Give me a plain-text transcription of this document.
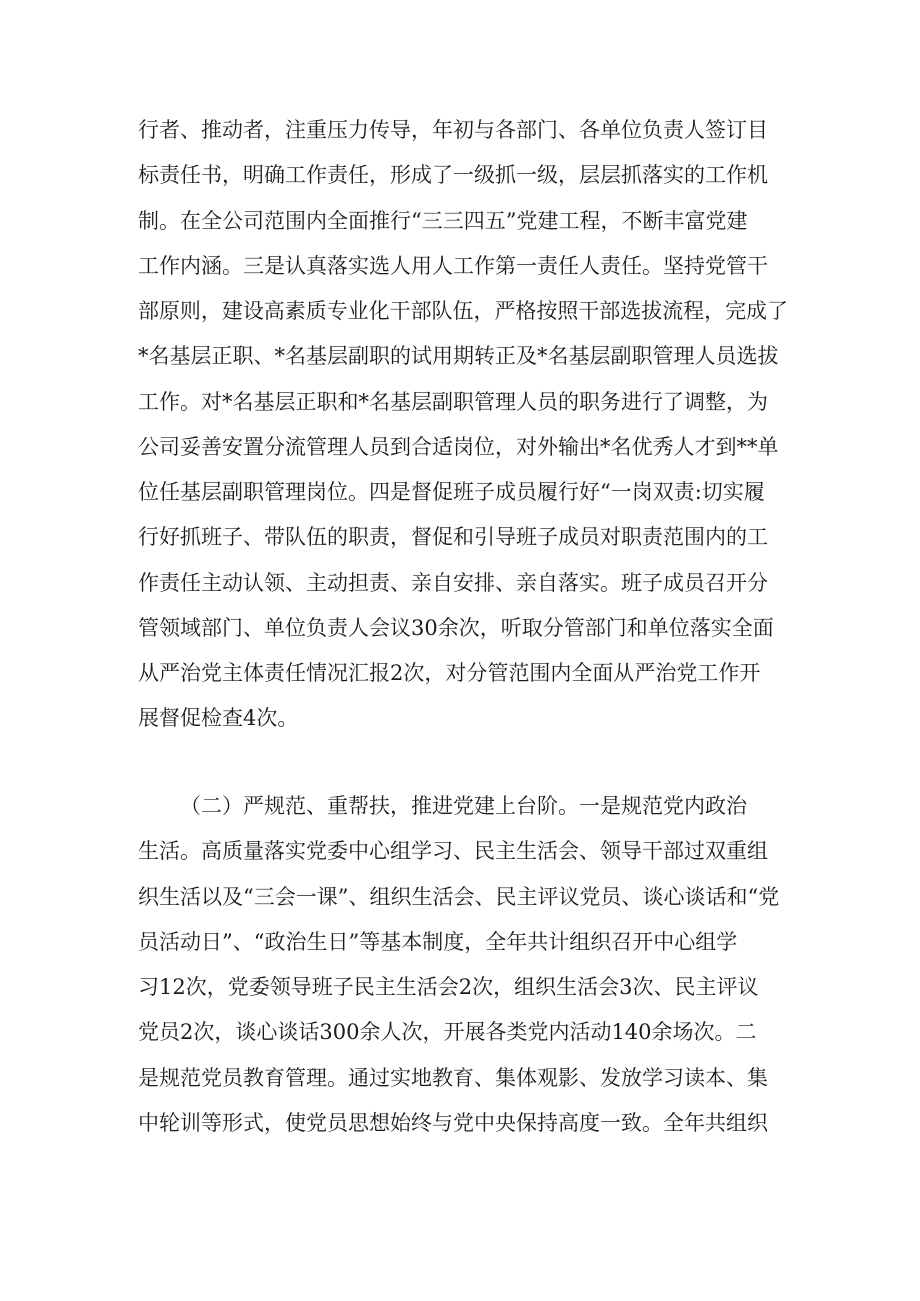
行者、推动者，注重压力传导，年初与各部门、各单位负责人签订目
标责任书，明确工作责任，形成了一级抓一级，层层抓落实的工作机
制。在全公司范围内全面推行“三三四五”党建工程，不断丰富党建
工作内涵。三是认真落实选人用人工作第一责任人责任。坚持党管干
部原则，建设高素质专业化干部队伍，严格按照干部选拔流程，完成了
*名基层正职、*名基层副职的试用期转正及*名基层副职管理人员选拔
工作。对*名基层正职和*名基层副职管理人员的职务进行了调整，为
公司妥善安置分流管理人员到合适岗位，对外输出*名优秀人才到**单
位任基层副职管理岗位。四是督促班子成员履行好“一岗双责:切实履
行好抓班子、带队伍的职责，督促和引导班子成员对职责范围内的工
作责任主动认领、主动担责、亲自安排、亲自落实。班子成员召开分
管领域部门、单位负责人会议30余次，听取分管部门和单位落实全面
从严治党主体责任情况汇报2次，对分管范围内全面从严治党工作开
展督促检查4次。
（二）严规范、重帮扶，推进党建上台阶。一是规范党内政治
生活。高质量落实党委中心组学习、民主生活会、领导干部过双重组
织生活以及“三会一课”、组织生活会、民主评议党员、谈心谈话和“党
员活动日”、“政治生日”等基本制度，全年共计组织召开中心组学
习12次，党委领导班子民主生活会2次，组织生活会3次、民主评议
党员2次，谈心谈话300余人次，开展各类党内活动140余场次。二
是规范党员教育管理。通过实地教育、集体观影、发放学习读本、集
中轮训等形式，使党员思想始终与党中央保持高度一致。全年共组织
